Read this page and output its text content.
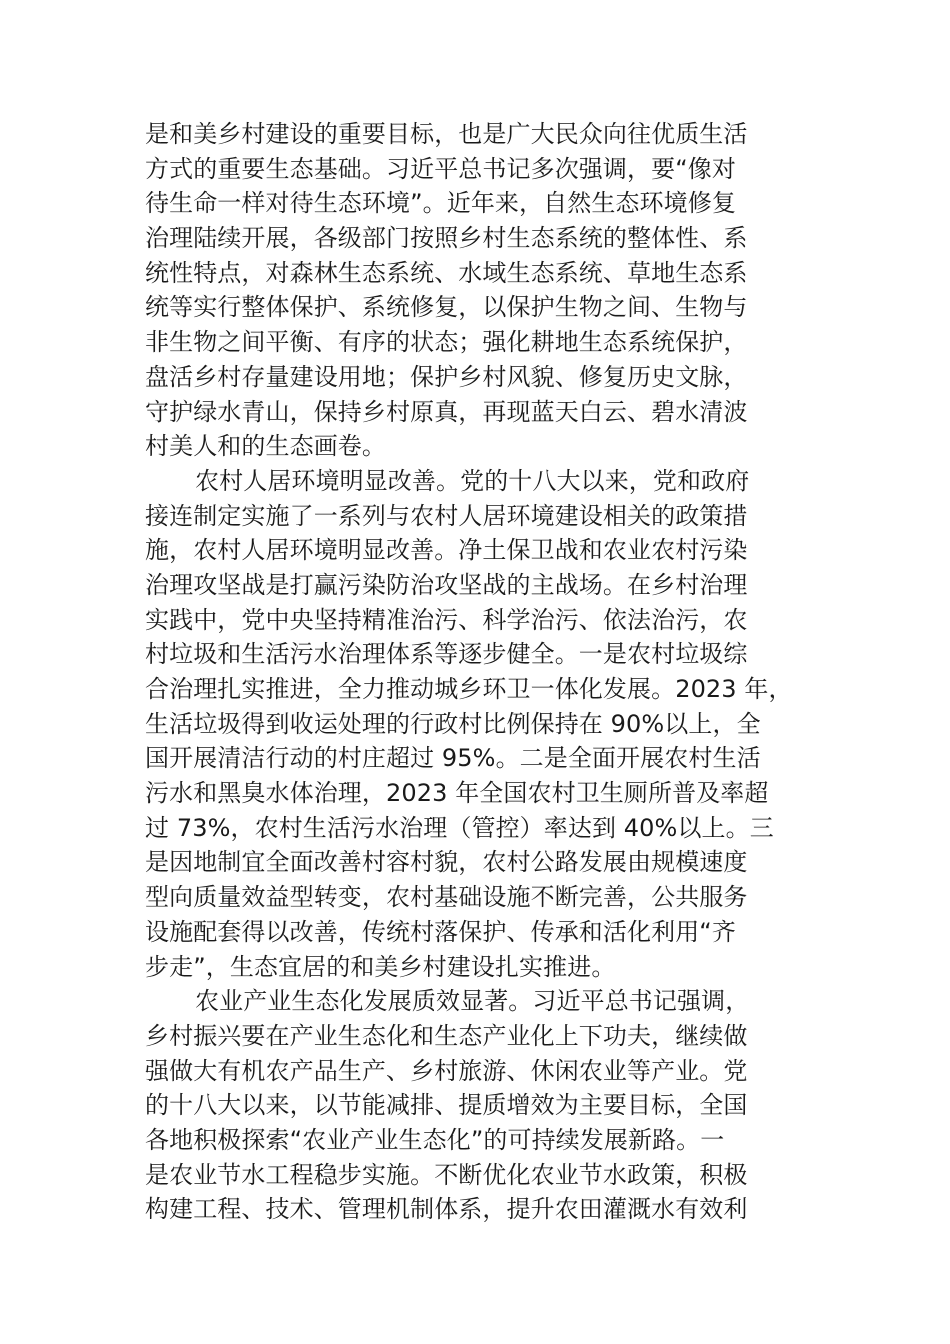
是和美乡村建设的重要目标，也是广大民众向往优质生活
方式的重要生态基础。习近平总书记多次强调，要“像对
待生命一样对待生态环境”。近年来，自然生态环境修复
治理陆续开展，各级部门按照乡村生态系统的整体性、系
统性特点，对森林生态系统、水域生态系统、草地生态系
统等实行整体保护、系统修复，以保护生物之间、生物与
非生物之间平衡、有序的状态；强化耕地生态系统保护，
盘活乡村存量建设用地；保护乡村风貌、修复历史文脉，
守护绿水青山，保持乡村原真，再现蓝天白云、碧水清波
村美人和的生态画卷。
农村人居环境明显改善。党的十八大以来，党和政府
接连制定实施了一系列与农村人居环境建设相关的政策措
施，农村人居环境明显改善。净土保卫战和农业农村污染
治理攻坚战是打赢污染防治攻坚战的主战场。在乡村治理
实践中，党中央坚持精准治污、科学治污、依法治污，农
村垃圾和生活污水治理体系等逐步健全。一是农村垃圾综
合治理扎实推进，全力推动城乡环卫一体化发展。2023 年，
生活垃圾得到收运处理的行政村比例保持在 90%以上，全
国开展清洁行动的村庄超过 95%。二是全面开展农村生活
污水和黑臭水体治理，2023 年全国农村卫生厕所普及率超
过 73%，农村生活污水治理（管控）率达到 40%以上。三
是因地制宜全面改善村容村貌，农村公路发展由规模速度
型向质量效益型转变，农村基础设施不断完善，公共服务
设施配套得以改善，传统村落保护、传承和活化利用“齐
步走”，生态宜居的和美乡村建设扎实推进。
农业产业生态化发展质效显著。习近平总书记强调，
乡村振兴要在产业生态化和生态产业化上下功夫，继续做
强做大有机农产品生产、乡村旅游、休闲农业等产业。党
的十八大以来，以节能减排、提质增效为主要目标，全国
各地积极探索“农业产业生态化”的可持续发展新路。一
是农业节水工程稳步实施。不断优化农业节水政策，积极
构建工程、技术、管理机制体系，提升农田灌溉水有效利
